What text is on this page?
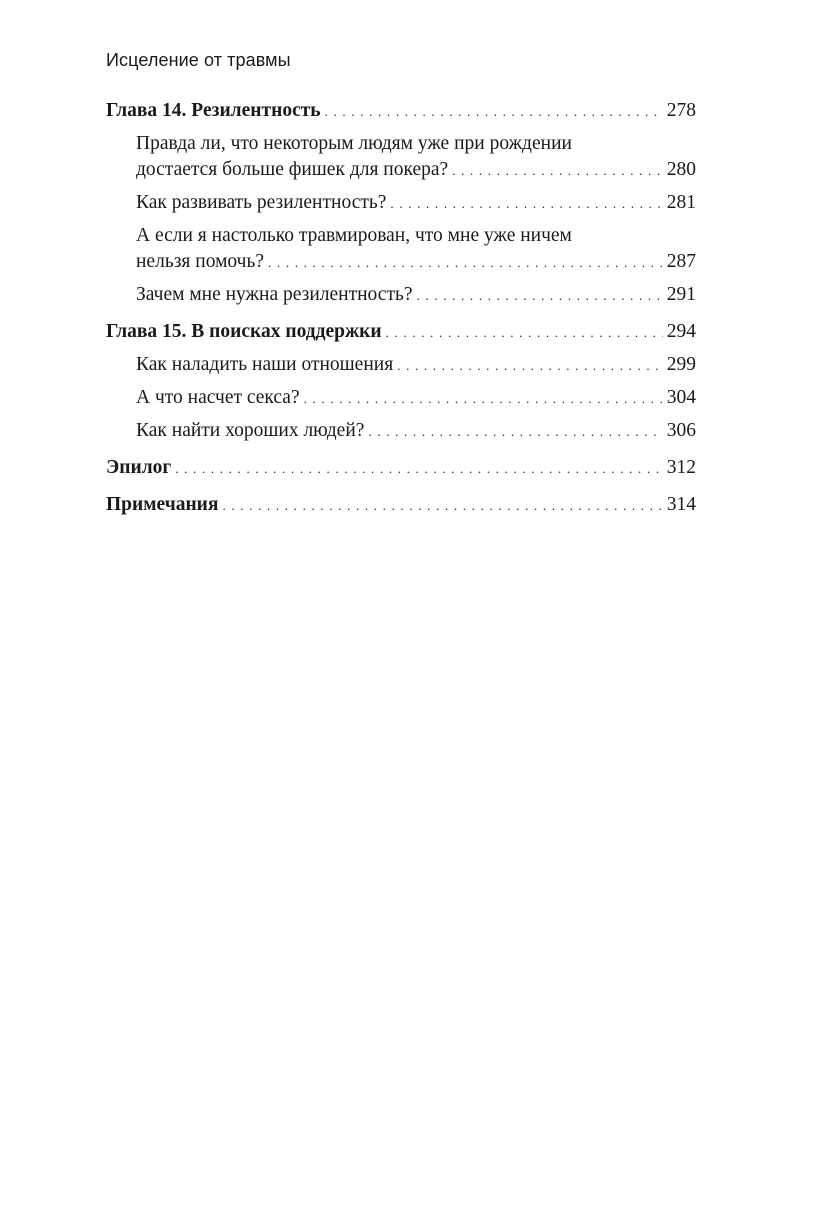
Исцеление от травмы
Глава 14. Резилентность . . .	278
Правда ли, что некоторым людям уже при рождении
достается больше фишек для покера? . . .	280
Как развивать резилентность? . . .	281
А если я настолько травмирован, что мне уже ничем
нельзя помочь? . . .	287
Зачем мне нужна резилентность? . . .	291
Глава 15. В поисках поддержки . . .	294
Как наладить наши отношения . . .	299
А что насчет секса? . . .	304
Как найти хороших людей? . . .	306
Эпилог . . .	312
Примечания . . .	314
